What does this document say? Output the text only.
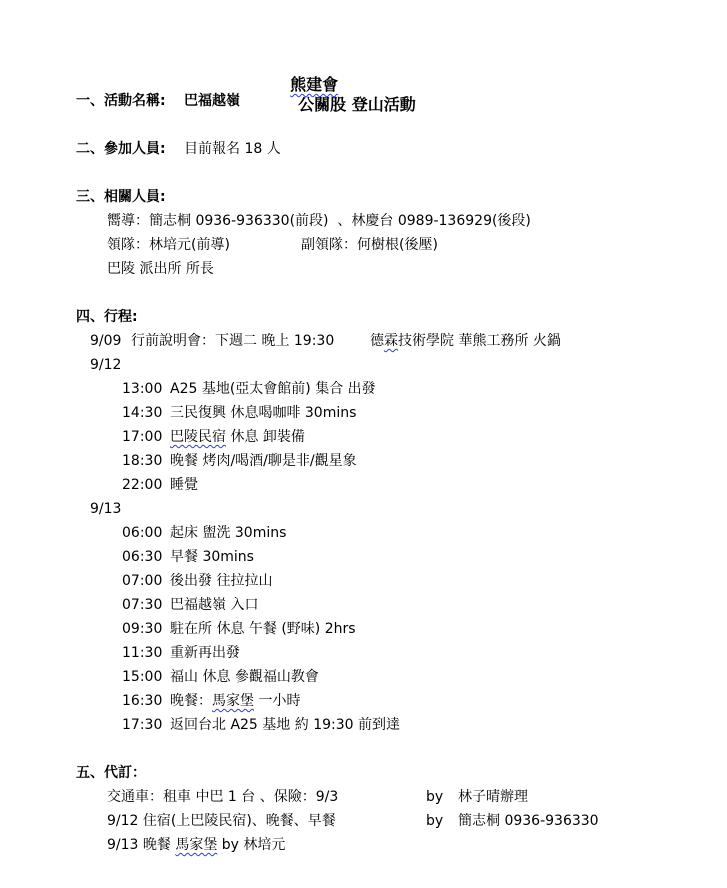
熊建會
公關股 登山活動

一、活動名稱: 巴福越嶺
二、參加人員: 目前報名 18 人
三、相關人員:
嚮導：簡志桐 0936-936330(前段)  、林慶台 0989-136929(後段)
領隊：林培元(前導)	副領隊：何樹根(後壓)
巴陵 派出所 所長
四、行程:
9/09 行前說明會：下週二 晚上 19:30	德霖技術學院 華熊工務所 火鍋
9/12
13:00 A25 基地(亞太會館前) 集合 出發
14:30 三民復興 休息喝咖啡 30mins
17:00 巴陵民宿 休息 卸裝備
18:30 晚餐 烤肉/喝酒/聊是非/觀星象
22:00 睡覺
9/13
06:00 起床 盥洗 30mins
06:30 早餐 30mins
07:00 後出發 往拉拉山
07:30 巴福越嶺 入口
09:30 駐在所 休息 午餐 (野味) 2hrs
11:30 重新再出發
15:00 福山 休息 參觀福山教會
16:30 晚餐：馬家堡 一小時
17:30 返回台北 A25 基地 約 19:30 前到達
五、代訂：
交通車：租車 中巴 1 台 、保險：9/3	by 林子晴辦理
9/12 住宿(上巴陵民宿)、晚餐、早餐	by 簡志桐 0936-936330
9/13 晚餐 馬家堡 by 林培元
